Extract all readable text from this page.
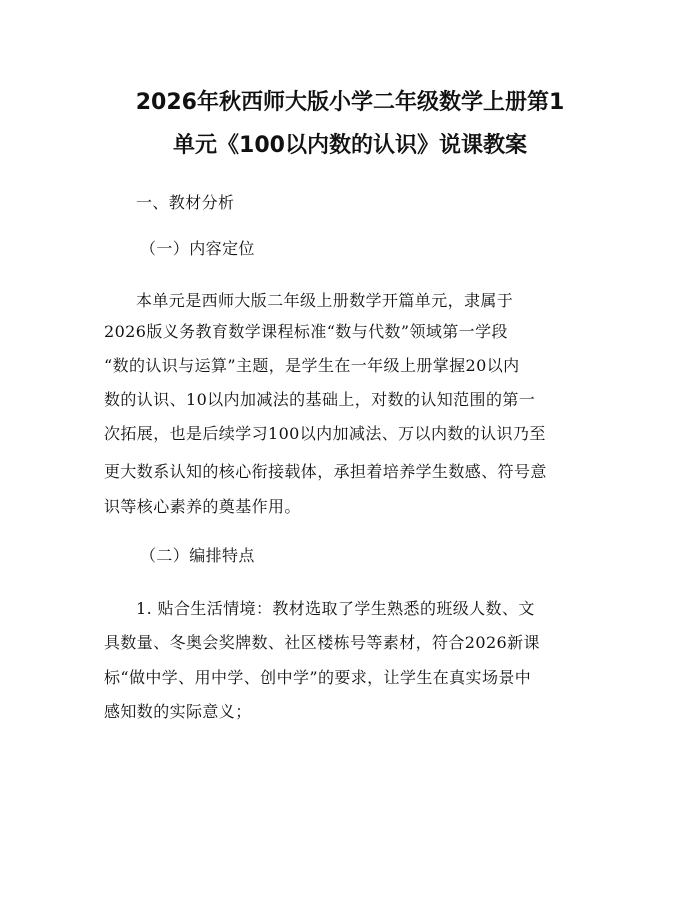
2026年秋西师大版小学二年级数学上册第1
单元《100以内数的认识》说课教案
一、教材分析
（一）内容定位
本单元是西师大版二年级上册数学开篇单元，隶属于
2026版义务教育数学课程标准“数与代数”领域第一学段
“数的认识与运算”主题，是学生在一年级上册掌握20以内
数的认识、10以内加减法的基础上，对数的认知范围的第一
次拓展，也是后续学习100以内加减法、万以内数的认识乃至
更大数系认知的核心衔接载体，承担着培养学生数感、符号意
识等核心素养的奠基作用。
（二）编排特点
1. 贴合生活情境：教材选取了学生熟悉的班级人数、文
具数量、冬奥会奖牌数、社区楼栋号等素材，符合2026新课
标“做中学、用中学、创中学”的要求，让学生在真实场景中
感知数的实际意义；
